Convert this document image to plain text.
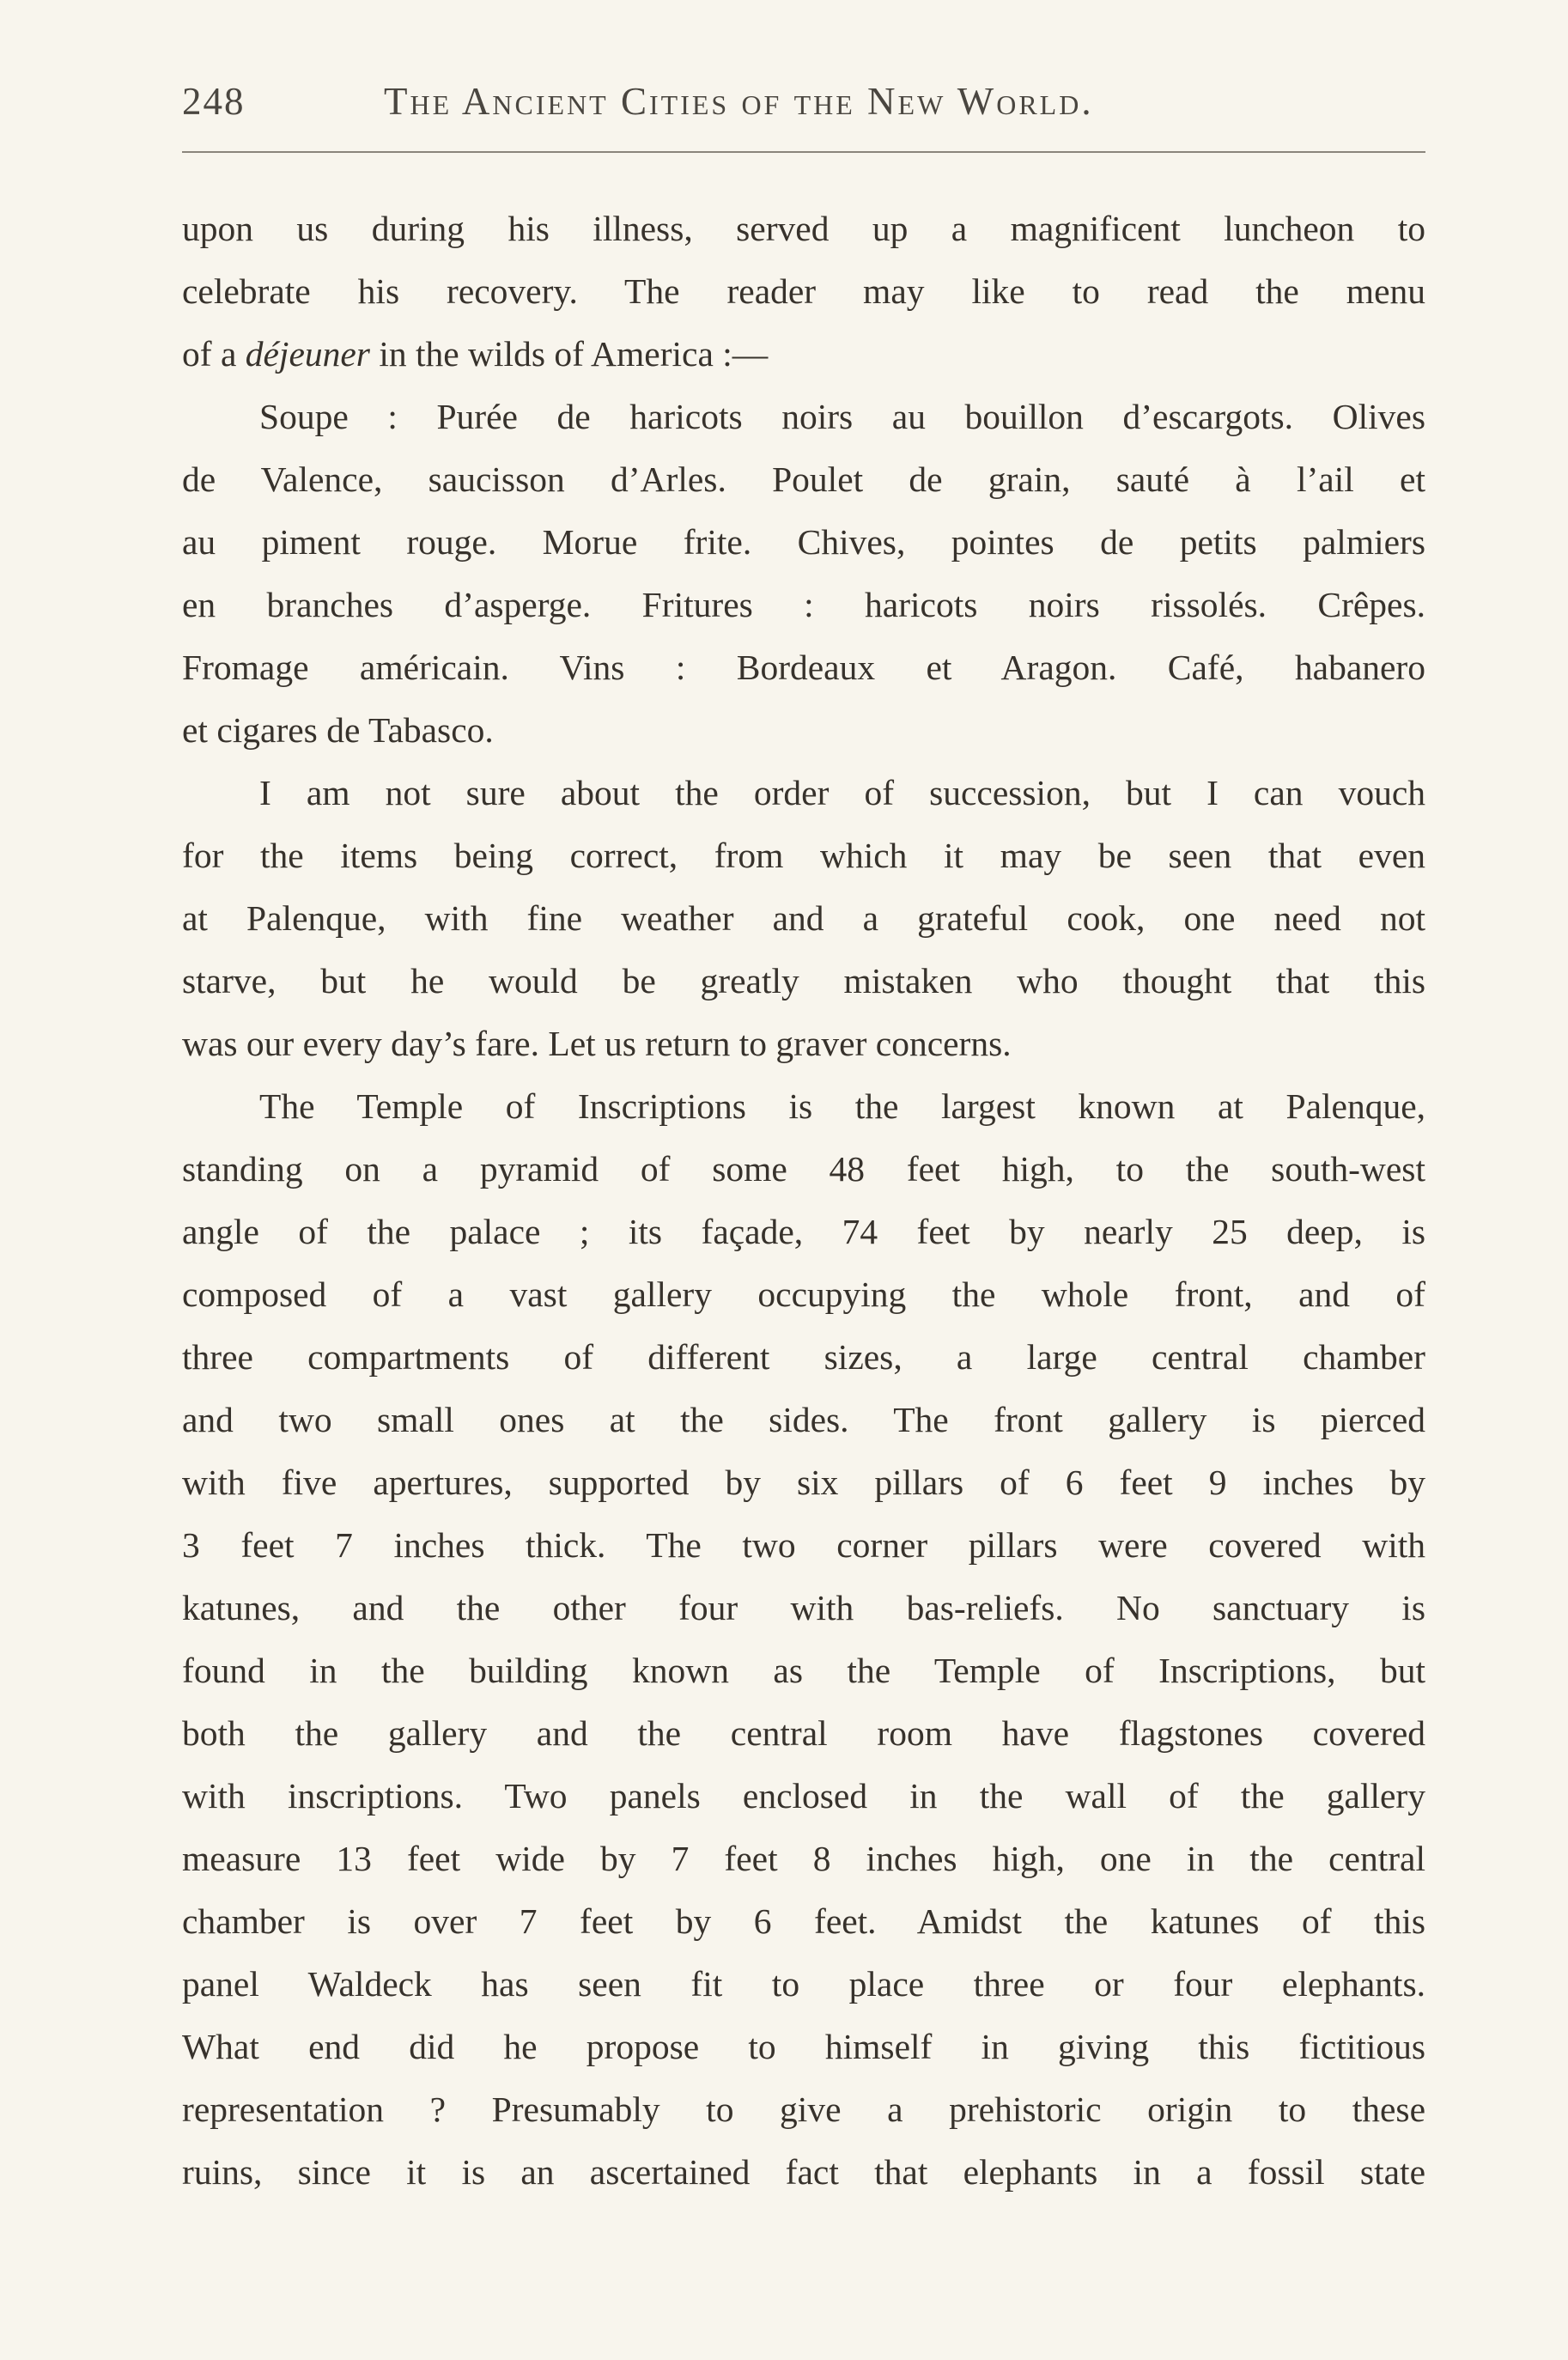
248	The Ancient Cities of the New World.

upon us during his illness, served up a magnificent luncheon to
celebrate his recovery. The reader may like to read the menu
of a déjeuner in the wilds of America :—

Soupe : Purée de haricots noirs au bouillon d’escargots. Olives
de Valence, saucisson d’Arles. Poulet de grain, sauté à l’ail et
au piment rouge. Morue frite. Chives, pointes de petits palmiers
en branches d’asperge. Fritures : haricots noirs rissolés. Crêpes.
Fromage américain. Vins : Bordeaux et Aragon. Café, habanero
et cigares de Tabasco.

I am not sure about the order of succession, but I can vouch
for the items being correct, from which it may be seen that even
at Palenque, with fine weather and a grateful cook, one need not
starve, but he would be greatly mistaken who thought that this
was our every day’s fare. Let us return to graver concerns.

The Temple of Inscriptions is the largest known at Palenque,
standing on a pyramid of some 48 feet high, to the south-west
angle of the palace ; its façade, 74 feet by nearly 25 deep, is
composed of a vast gallery occupying the whole front, and of
three compartments of different sizes, a large central chamber
and two small ones at the sides. The front gallery is pierced
with five apertures, supported by six pillars of 6 feet 9 inches by
3 feet 7 inches thick. The two corner pillars were covered with
katunes, and the other four with bas-reliefs. No sanctuary is
found in the building known as the Temple of Inscriptions, but
both the gallery and the central room have flagstones covered
with inscriptions. Two panels enclosed in the wall of the gallery
measure 13 feet wide by 7 feet 8 inches high, one in the central
chamber is over 7 feet by 6 feet. Amidst the katunes of this
panel Waldeck has seen fit to place three or four elephants.
What end did he propose to himself in giving this fictitious
representation ? Presumably to give a prehistoric origin to these
ruins, since it is an ascertained fact that elephants in a fossil state
